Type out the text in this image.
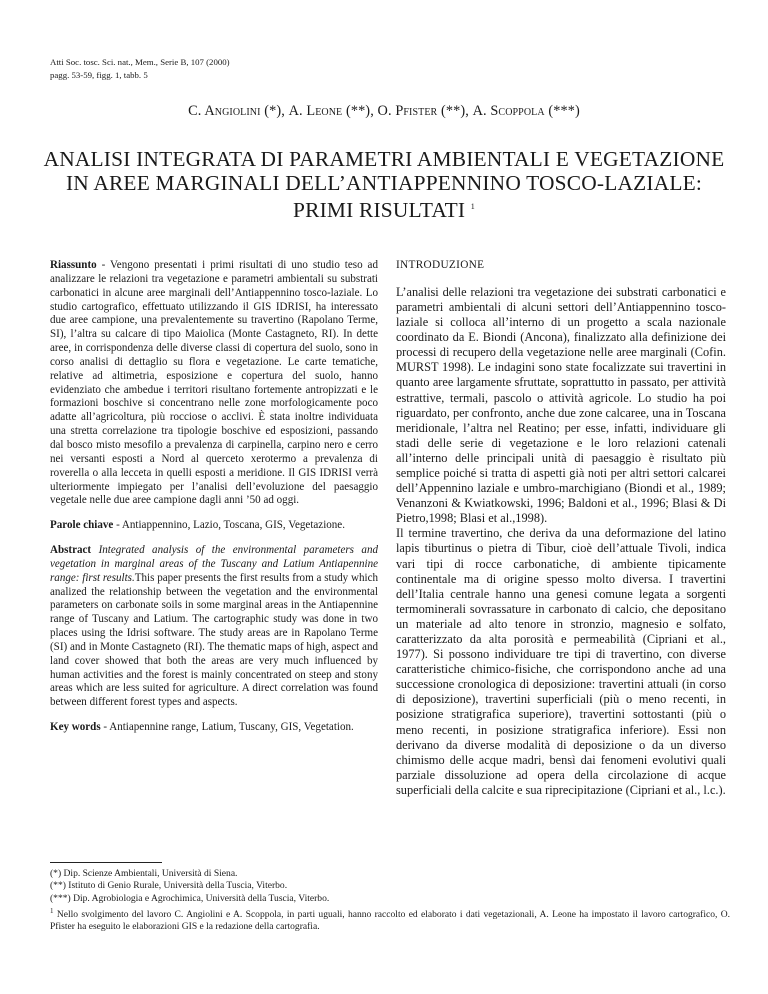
Atti Soc. tosc. Sci. nat., Mem., Serie B, 107 (2000)
pagg. 53-59, figg. 1, tabb. 5
C. Angiolini (*), A. Leone (**), O. Pfister (**), A. Scoppola (***)
ANALISI INTEGRATA DI PARAMETRI AMBIENTALI E VEGETAZIONE
IN AREE MARGINALI DELL’ANTIAPPENNINO TOSCO-LAZIALE:
PRIMI RISULTATI $^1$

Riassunto - Vengono presentati i primi risultati di uno studio teso ad analizzare le relazioni tra vegetazione e parametri ambientali su substrati carbonatici in alcune aree marginali dell’Antiappennino tosco-laziale. Lo studio cartografico, effettuato utilizzando il GIS IDRISI, ha interessato due aree campione, una prevalentemente su travertino (Rapolano Terme, SI), l’altra su calcare di tipo Maiolica (Monte Castagneto, RI). In dette aree, in corrispondenza delle diverse classi di copertura del suolo, sono in corso analisi di dettaglio su flora e vegetazione. Le carte tematiche, relative ad altimetria, esposizione e copertura del suolo, hanno evidenziato che ambedue i territori risultano fortemente antropizzati e le formazioni boschive si concentrano nelle zone morfologicamente poco adatte all’agricoltura, più rocciose o acclivi. È stata inoltre individuata una stretta correlazione tra tipologie boschive ed esposizioni, passando dal bosco misto mesofilo a prevalenza di carpinella, carpino nero e cerro nei versanti esposti a Nord al querceto xerotermo a prevalenza di roverella o alla lecceta in quelli esposti a meridione. Il GIS IDRISI verrà ulteriormente impiegato per l’analisi dell’evoluzione del paesaggio vegetale nelle due aree campione dagli anni ’50 ad oggi.

Parole chiave - Antiappennino, Lazio, Toscana, GIS, Vegetazione.

Abstract Integrated analysis of the environmental parameters and vegetation in marginal areas of the Tuscany and Latium Antiapennine range: first results.This paper presents the first results from a study which analized the relationship between the vegetation and the environmental parameters on carbonate soils in some marginal areas in the Antiapennine range of Tuscany and Latium. The cartographic study was done in two places using the Idrisi software. The study areas are in Rapolano Terme (SI) and in Monte Castagneto (RI). The thematic maps of high, aspect and land cover showed that both the areas are very much influenced by human activities and the forest is mainly concentrated on steep and stony areas which are less suited for agriculture. A direct correlation was found between different forest types and aspects.

Key words - Antiapennine range, Latium, Tuscany, GIS, Vegetation.

INTRODUZIONE

L’analisi delle relazioni tra vegetazione dei substrati carbonatici e parametri ambientali di alcuni settori dell’Antiappennino tosco-laziale si colloca all’interno di un progetto a scala nazionale coordinato da E. Biondi (Ancona), finalizzato alla definizione dei processi di recupero della vegetazione nelle aree marginali (Cofin. MURST 1998). Le indagini sono state focalizzate sui travertini in quanto aree largamente sfruttate, soprattutto in passato, per attività estrattive, termali, pascolo o attività agricole. Lo studio ha poi riguardato, per confronto, anche due zone calcaree, una in Toscana meridionale, l’altra nel Reatino; per esse, infatti, individuare gli stadi delle serie di vegetazione e le loro relazioni catenali all’interno delle principali unità di paesaggio è risultato più semplice poiché si tratta di aspetti già noti per altri settori calcarei dell’Appennino laziale e umbro-marchigiano (Biondi et al., 1989; Venanzoni & Kwiatkowski, 1996; Baldoni et al., 1996; Blasi & Di Pietro,1998; Blasi et al.,1998).

Il termine travertino, che deriva da una deformazione del latino lapis tiburtinus o pietra di Tibur, cioè dell’attuale Tivoli, indica vari tipi di rocce carbonatiche, di ambiente tipicamente continentale ma di origine spesso molto diversa. I travertini dell’Italia centrale hanno una genesi comune legata a sorgenti termominerali sovrassature in carbonato di calcio, che depositano un materiale ad alto tenore in stronzio, magnesio e solfato, caratterizzato da alta porosità e permeabilità (Cipriani et al., 1977). Si possono individuare tre tipi di travertino, con diverse caratteristiche chimico-fisiche, che corrispondono anche ad una successione cronologica di deposizione: travertini attuali (in corso di deposizione), travertini superficiali (più o meno recenti, in posizione stratigrafica superiore), travertini sottostanti (più o meno recenti, in posizione stratigrafica inferiore). Essi non derivano da diverse modalità di deposizione o da un diverso chimismo delle acque madri, bensì dai fenomeni evolutivi quali parziale dissoluzione ad opera della circolazione di acque superficiali della calcite e sua riprecipitazione (Cipriani et al., l.c.).

(*) Dip. Scienze Ambientali, Università di Siena.
(**) Istituto di Genio Rurale, Università della Tuscia, Viterbo.
(***) Dip. Agrobiologia e Agrochimica, Università della Tuscia, Viterbo.
$^1$ Nello svolgimento del lavoro C. Angiolini e A. Scoppola, in parti uguali, hanno raccolto ed elaborato i dati vegetazionali, A. Leone ha impostato il lavoro cartografico, O. Pfister ha eseguito le elaborazioni GIS e la redazione della cartografia.
